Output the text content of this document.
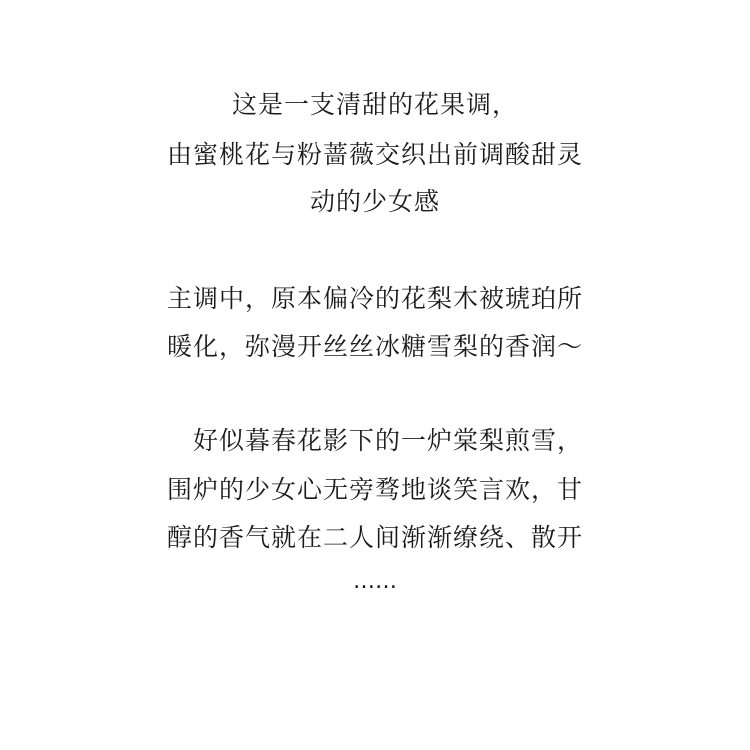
这是一支清甜的花果调，
由蜜桃花与粉蔷薇交织出前调酸甜灵
动的少女感
主调中，原本偏冷的花梨木被琥珀所
暖化，弥漫开丝丝冰糖雪梨的香润～
　好似暮春花影下的一炉棠梨煎雪，
围炉的少女心无旁骛地谈笑言欢，甘
醇的香气就在二人间渐渐缭绕、散开
……
